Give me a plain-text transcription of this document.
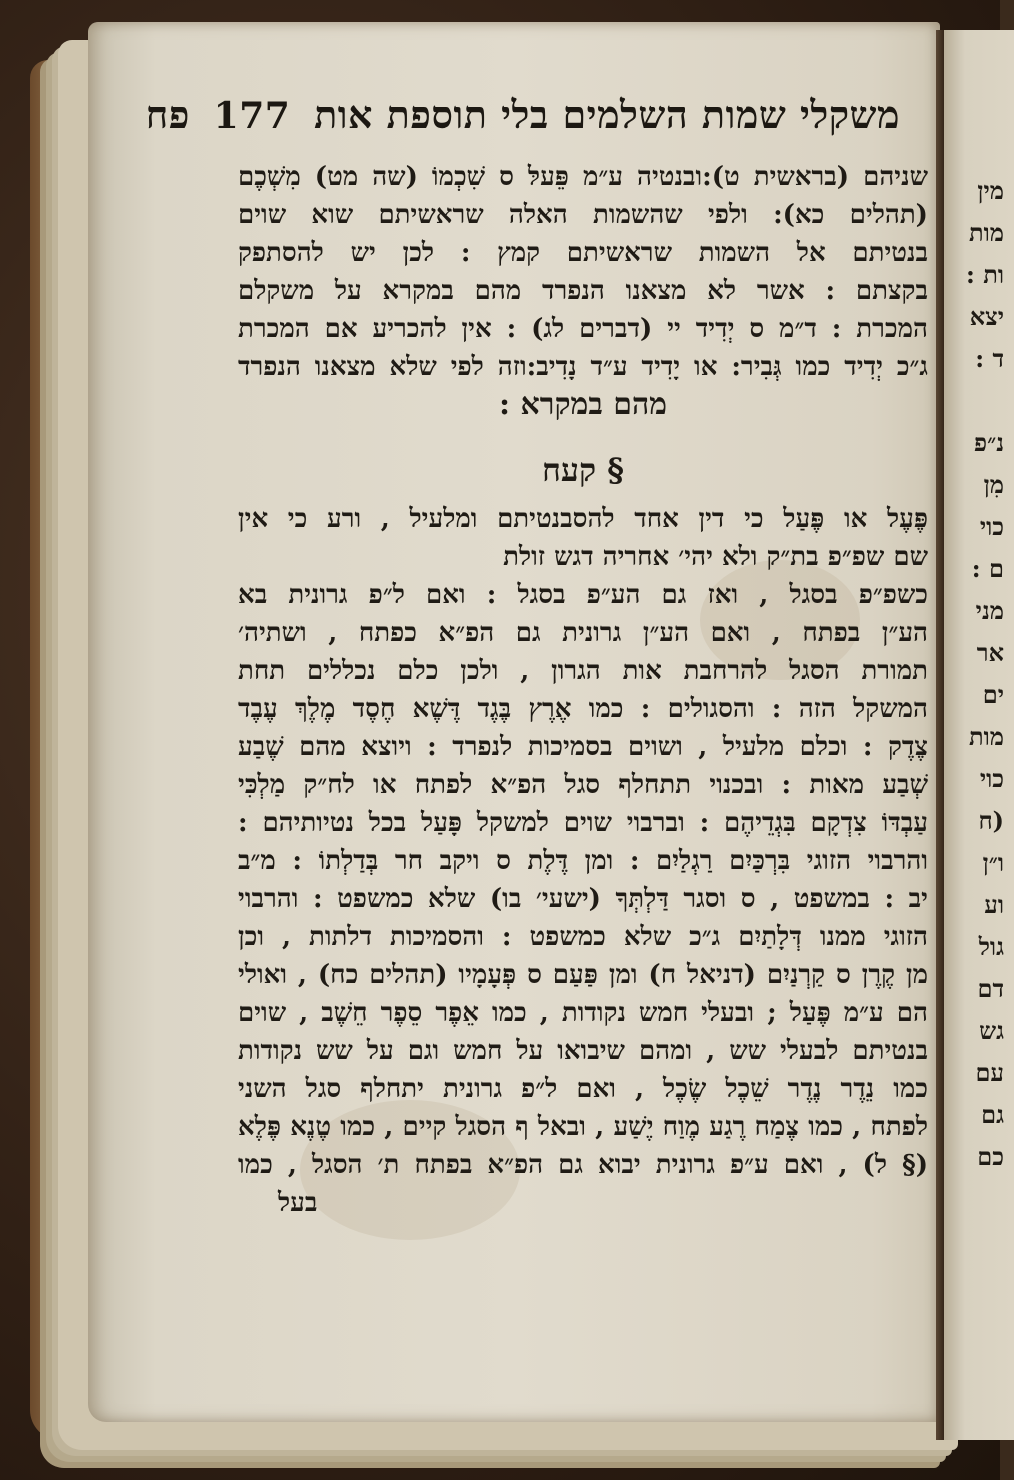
משקלי שמות השלמים בלי תוספת אות 177 פח
שניהם (בראשית ט):ובנטיה ע״מ פֵּעלּ ס שִׁכְמוֹ (שה מט) מִשְׁכֶם
(תהלים כא): ולפי שהשמות האלה שראשיתם שוא שוים
בנטיתם אל השמות שראשיתם קמץ : לכן יש להסתפק
בקצתם : אשר לא מצאנו הנפרד מהם במקרא על משקלם
המכרת : ד״מ ס יְדִיד יי (דברים לג) : אין להכריע אם המכרת
ג״כ יְדִיד כמו גְּבִיר: או יָדִיד ע״ד נָדִיב:וזה לפי שלא מצאנו הנפרד
מהם במקרא :
§ קעח
פֶּעֶל או פֶּעַל כי דין אחד להסבנטיתם ומלעיל , ורע כי אין
שם שפ״פ בת״ק ולא יהי׳ אחריה דגש זולת
כשפ״פ בסגל , ואז גם הע״פ בסגל : ואם ל״פ גרונית בא
הע״ן בפתח , ואם הע״ן גרונית גם הפ״א כפתח , ושתיה׳
תמורת הסגל להרחבת אות הגרון , ולכן כלם נכללים תחת
המשקל הזה : והסגולים : כמו אֶרֶץ בֶּגֶד דֶּשֶׁא חֶסֶד מֶלֶךְ עֶבֶד
צֶדֶק : וכלם מלעיל , ושוים בסמיכות לנפרד : ויוצא מהם שֶׁבַע
שְׁבַע מאות : ובכנוי תתחלף סגל הפ״א לפתח או לח״ק מַלְכִּי
עַבְדּוֹ צִדְקָם בִּגְדֵיהֶם : וברבוי שוים למשקל פָּעַל בכל נטיותיהם :
והרבוי הזוגי בִּרְכַּיִם רַגְלַיִם : ומן דֶּלֶת ס ויקב חר בְּדַלְתוֹ : מ״ב
יב : במשפט , ס וסגר דַּלְתְּךָ (ישעי׳ בו) שלא כמשפט : והרבוי
הזוגי ממנו דְּלָתַיִם ג״כ שלא כמשפט : והסמיכות דלתות , וכן
מן קֶרֶן ס קַרְנַיִם (דניאל ח) ומן פַּעַם ס פְּעָמָיו (תהלים כח) , ואולי
הם ע״מ פֶּעַל ; ובעלי חמש נקודות , כמו אֵפֶר סֵפֶר חֵשֶׁב , שוים
בנטיתם לבעלי שש , ומהם שיבואו על חמש וגם על שש נקודות
כמו נֵדֶר נֶדֶר שֵׁכֶל שֶׂכֶל , ואם ל״פ גרונית יתחלף סגל השני
לפתח , כמו צֶמַח רֶגַע מֶוַח יֶשַׁע , ובאל ף הסגל קיים , כמו טֶנֶא פֶּלֶא
(§ ל) , ואם ע״פ גרונית יבוא גם הפ״א בפתח ת׳ הסגל , כמו
בעל
מין
מות
ות :
יצא
ד :
נ״פ
מִן
כוי
ם :
מני
אר
ים
מות
כוי
(ח
ו״ן
וע
גול
דם
גש
עם
גם
כם
